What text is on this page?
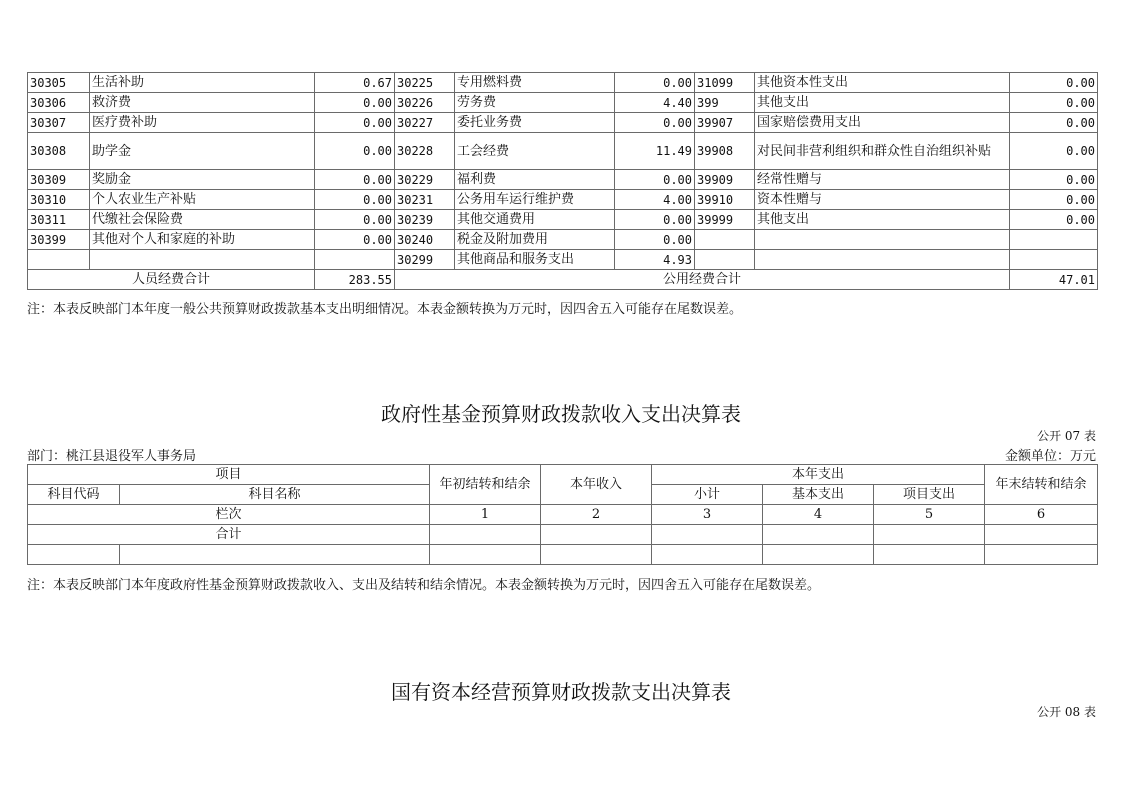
30305	生活补助	0.67	30225	专用燃料费	0.00	31099	其他资本性支出	0.00
30306	救济费	0.00	30226	劳务费	4.40	399	其他支出	0.00
30307	医疗费补助	0.00	30227	委托业务费	0.00	39907	国家赔偿费用支出	0.00
30308	助学金	0.00	30228	工会经费	11.49	39908	对民间非营利组织和群众性自治组织补贴	0.00
30309	奖励金	0.00	30229	福利费	0.00	39909	经常性赠与	0.00
30310	个人农业生产补贴	0.00	30231	公务用车运行维护费	4.00	39910	资本性赠与	0.00
30311	代缴社会保险费	0.00	30239	其他交通费用	0.00	39999	其他支出	0.00
30399	其他对个人和家庭的补助	0.00	30240	税金及附加费用	0.00			
			30299	其他商品和服务支出	4.93			
人员经费合计		283.55	公用经费合计					47.01
注：本表反映部门本年度一般公共预算财政拨款基本支出明细情况。本表金额转换为万元时，因四舍五入可能存在尾数误差。
政府性基金预算财政拨款收入支出决算表
公开 07 表
部门：桃江县退役军人事务局	金额单位：万元
项目		年初结转和结余	本年收入	本年支出			年末结转和结余
科目代码	科目名称			小计	基本支出	项目支出	
栏次		1	2	3	4	5	6
合计							

注：本表反映部门本年度政府性基金预算财政拨款收入、支出及结转和结余情况。本表金额转换为万元时，因四舍五入可能存在尾数误差。
国有资本经营预算财政拨款支出决算表
公开 08 表
